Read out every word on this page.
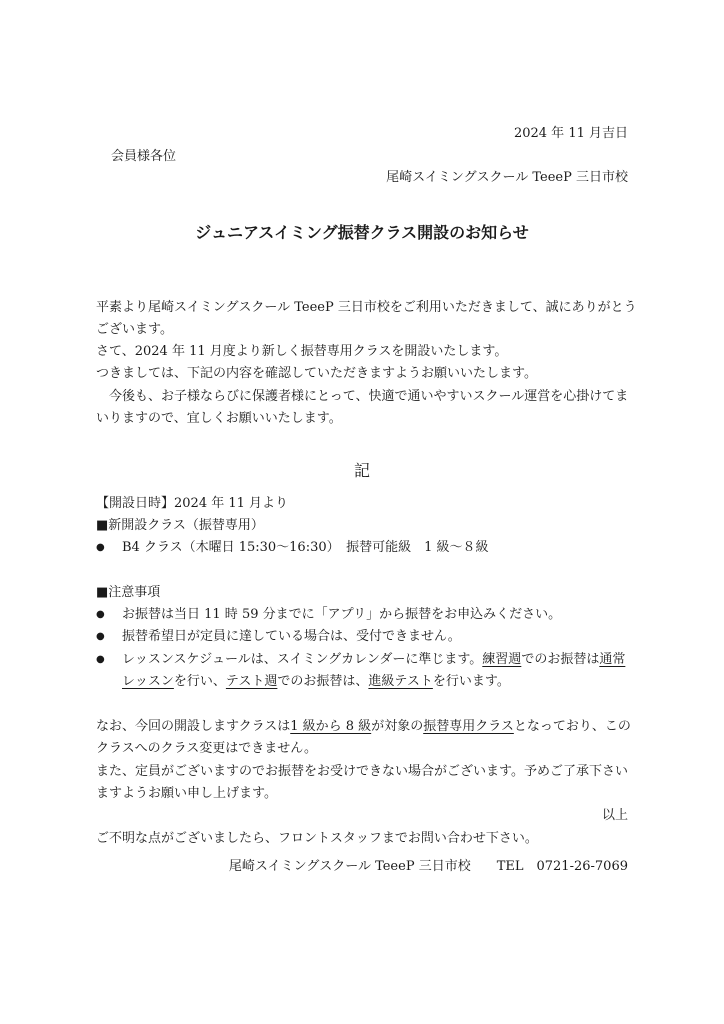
2024 年 11 月吉日
会員様各位
尾崎スイミングスクール TeeeP 三日市校
ジュニアスイミング振替クラス開設のお知らせ
平素より尾崎スイミングスクール TeeeP 三日市校をご利用いただきまして、誠にありがとう
ございます。
さて、2024 年 11 月度より新しく振替専用クラスを開設いたします。
つきましては、下記の内容を確認していただきますようお願いいたします。
　今後も、お子様ならびに保護者様にとって、快適で通いやすいスクール運営を心掛けてま
いりますので、宜しくお願いいたします。
記
【開設日時】2024 年 11 月より
■新開設クラス（振替専用）
● B4 クラス（木曜日 15:30～16:30）　振替可能級　1 級～８級
■注意事項
● お振替は当日 11 時 59 分までに「アプリ」から振替をお申込みください。
● 振替希望日が定員に達している場合は、受付できません。
● レッスンスケジュールは、スイミングカレンダーに準じます。練習週でのお振替は通常
レッスンを行い、テスト週でのお振替は、進級テストを行います。
なお、今回の開設しますクラスは1 級から 8 級が対象の振替専用クラスとなっており、この
クラスへのクラス変更はできません。
また、定員がございますのでお振替をお受けできない場合がございます。予めご了承下さい
ますようお願い申し上げます。
以上
ご不明な点がございましたら、フロントスタッフまでお問い合わせ下さい。
尾崎スイミングスクール TeeeP 三日市校　　TEL　0721-26-7069
